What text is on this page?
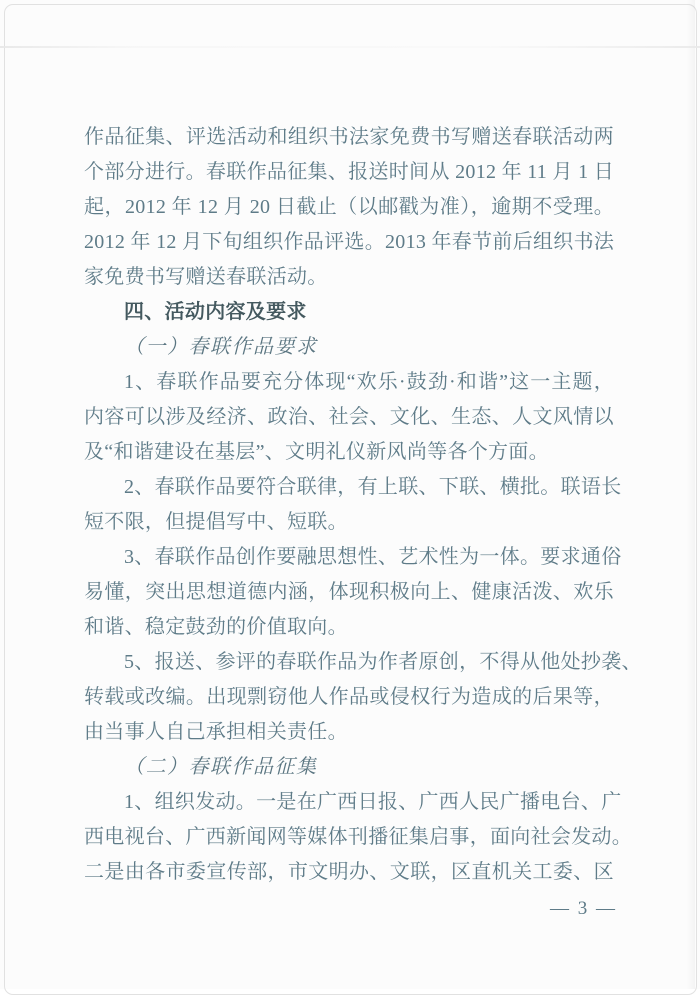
作品征集、评选活动和组织书法家免费书写赠送春联活动两
个部分进行。春联作品征集、报送时间从 2012 年 11 月 1 日
起，2012 年 12 月 20 日截止（以邮戳为准），逾期不受理。
2012 年 12 月下旬组织作品评选。2013 年春节前后组织书法
家免费书写赠送春联活动。
四、活动内容及要求
（一）春联作品要求
1、春联作品要充分体现“欢乐·鼓劲·和谐”这一主题，
内容可以涉及经济、政治、社会、文化、生态、人文风情以
及“和谐建设在基层”、文明礼仪新风尚等各个方面。
2、春联作品要符合联律，有上联、下联、横批。联语长
短不限，但提倡写中、短联。
3、春联作品创作要融思想性、艺术性为一体。要求通俗
易懂，突出思想道德内涵，体现积极向上、健康活泼、欢乐
和谐、稳定鼓劲的价值取向。
5、报送、参评的春联作品为作者原创，不得从他处抄袭、
转载或改编。出现剽窃他人作品或侵权行为造成的后果等，
由当事人自己承担相关责任。
（二）春联作品征集
1、组织发动。一是在广西日报、广西人民广播电台、广
西电视台、广西新闻网等媒体刊播征集启事，面向社会发动。
二是由各市委宣传部，市文明办、文联，区直机关工委、区
— 3 —
